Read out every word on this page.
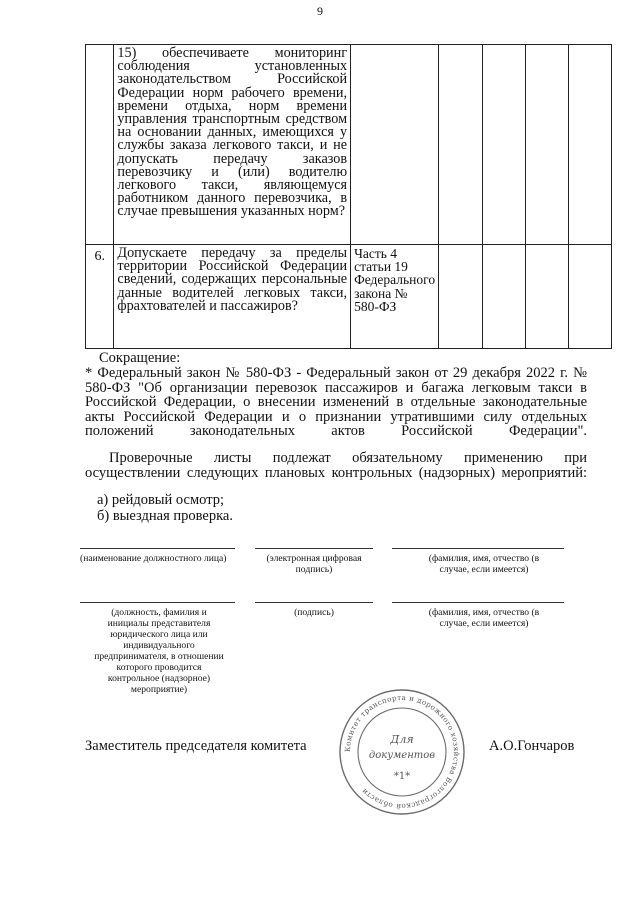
9

	15) обеспечиваете мониторинг соблюдения установленных законодательством Российской Федерации норм рабочего времени, времени отдыха, норм времени управления транспортным средством на основании данных, имеющихся у службы заказа легкового такси, и не допускать передачу заказов перевозчику и (или) водителю легкового такси, являющемуся работником данного перевозчика, в случае превышения указанных норм?					

6.	Допускаете передачу за пределы территории Российской Федерации сведений, содержащих персональные данные водителей легковых такси, фрахтователей и пассажиров?	Часть 4 статьи 19 Федерального закона № 580-ФЗ				

Сокращение:
* Федеральный закон № 580-ФЗ - Федеральный закон от 29 декабря 2022 г. № 580-ФЗ "Об организации перевозок пассажиров и багажа легковым такси в Российской Федерации, о внесении изменений в отдельные законодательные акты Российской Федерации и о признании утратившими силу отдельных положений законодательных актов Российской Федерации".
Проверочные листы подлежат обязательному применению при осуществлении следующих плановых контрольных (надзорных) мероприятий:
а) рейдовый осмотр;
б) выездная проверка.
(наименование должностного лица)	(электронная цифровая подпись)
(фамилия, имя, отчество (в случае, если имеется)
(должность, фамилия и инициалы представителя юридического лица или индивидуального предпринимателя, в отношении которого проводится контрольное (надзорное) мероприятие)
(подпись)	(фамилия, имя, отчество (в случае, если имеется)
Заместитель председателя комитета	А.О.Гончаров
Комитет транспорта и дорожного хозяйства Волгоградской области
Для
документов
*1*
